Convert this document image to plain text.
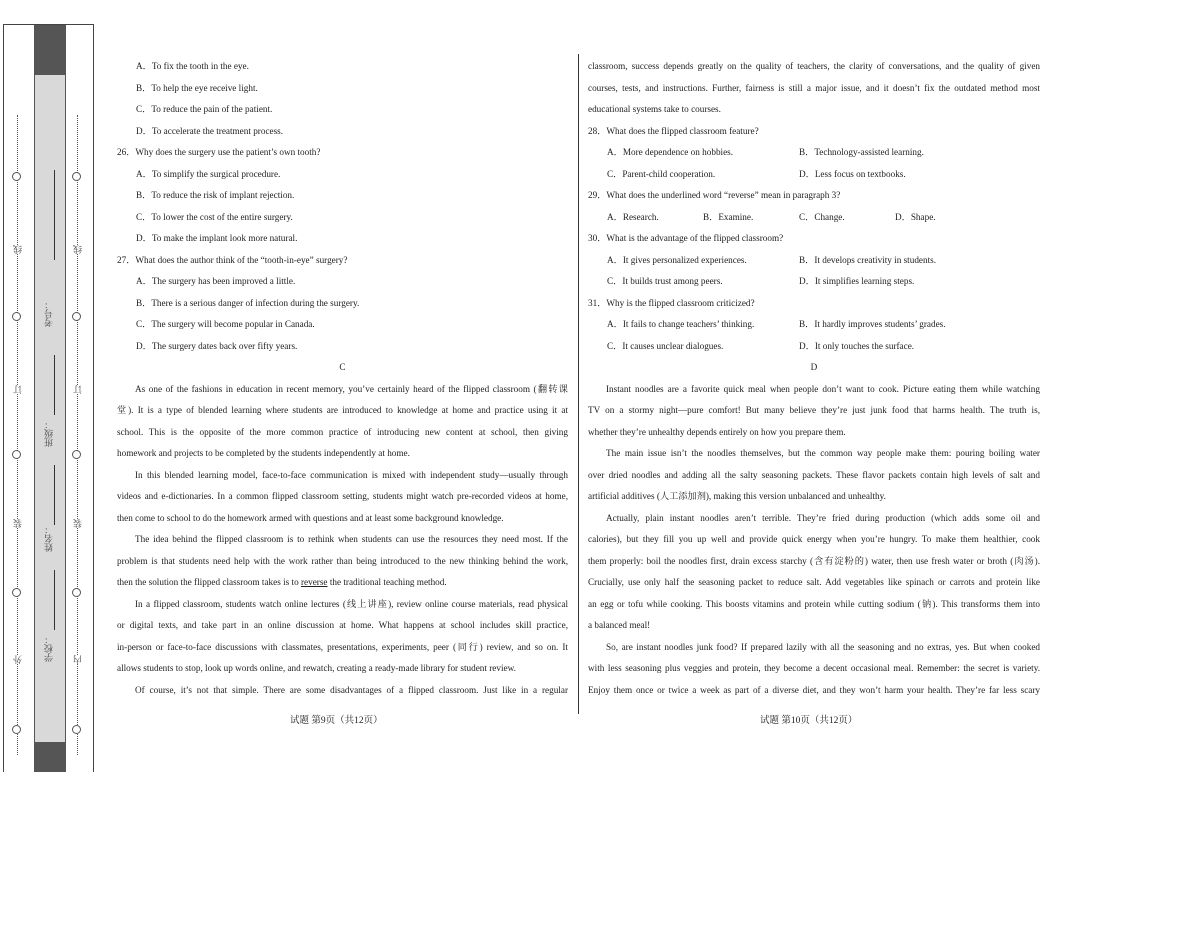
线
订
装
外
考号：
班级：
姓名：
学校：
线
订
装
内
A．To fix the tooth in the eye.
B．To help the eye receive light.
C．To reduce the pain of the patient.
D．To accelerate the treatment process.
26．Why does the surgery use the patient’s own tooth?
A．To simplify the surgical procedure.
B．To reduce the risk of implant rejection.
C．To lower the cost of the entire surgery.
D．To make the implant look more natural.
27．What does the author think of the “tooth-in-eye” surgery?
A．The surgery has been improved a little.
B．There is a serious danger of infection during the surgery.
C．The surgery will become popular in Canada.
D．The surgery dates back over fifty years.
C
As one of the fashions in education in recent memory, you’ve certainly heard of the flipped classroom (翻转课
堂). It is a type of blended learning where students are introduced to knowledge at home and practice using it at
school. This is the opposite of the more common practice of introducing new content at school, then giving
homework and projects to be completed by the students independently at home.
In this blended learning model, face-to-face communication is mixed with independent study—usually through
videos and e-dictionaries. In a common flipped classroom setting, students might watch pre-recorded videos at home,
then come to school to do the homework armed with questions and at least some background knowledge.
The idea behind the flipped classroom is to rethink when students can use the resources they need most. If the
problem is that students need help with the work rather than being introduced to the new thinking behind the work,
then the solution the flipped classroom takes is to reverse the traditional teaching method.
In a flipped classroom, students watch online lectures (线上讲座), review online course materials, read physical
or digital texts, and take part in an online discussion at home. What happens at school includes skill practice,
in-person or face-to-face discussions with classmates, presentations, experiments, peer (同行) review, and so on. It
allows students to stop, look up words online, and rewatch, creating a ready-made library for student review.
Of course, it’s not that simple. There are some disadvantages of a flipped classroom. Just like in a regular
classroom, success depends greatly on the quality of teachers, the clarity of conversations, and the quality of given
courses, tests, and instructions. Further, fairness is still a major issue, and it doesn’t fix the outdated method most
educational systems take to courses.
28．What does the flipped classroom feature?
A．More dependence on hobbies.	B．Technology-assisted learning.
C．Parent-child cooperation.	D．Less focus on textbooks.
29．What does the underlined word “reverse” mean in paragraph 3?
A．Research.	B．Examine.	C．Change.	D．Shape.
30．What is the advantage of the flipped classroom?
A．It gives personalized experiences.	B．It develops creativity in students.
C．It builds trust among peers.	D．It simplifies learning steps.
31．Why is the flipped classroom criticized?
A．It fails to change teachers’ thinking.	B．It hardly improves students’ grades.
C．It causes unclear dialogues.	D．It only touches the surface.
D
Instant noodles are a favorite quick meal when people don’t want to cook. Picture eating them while watching
TV on a stormy night—pure comfort! But many believe they’re just junk food that harms health. The truth is,
whether they’re unhealthy depends entirely on how you prepare them.
The main issue isn’t the noodles themselves, but the common way people make them: pouring boiling water
over dried noodles and adding all the salty seasoning packets. These flavor packets contain high levels of salt and
artificial additives (人工添加剂), making this version unbalanced and unhealthy.
Actually, plain instant noodles aren’t terrible. They’re fried during production (which adds some oil and
calories), but they fill you up well and provide quick energy when you’re hungry. To make them healthier, cook
them properly: boil the noodles first, drain excess starchy (含有淀粉的) water, then use fresh water or broth (肉汤).
Crucially, use only half the seasoning packet to reduce salt. Add vegetables like spinach or carrots and protein like
an egg or tofu while cooking. This boosts vitamins and protein while cutting sodium (钠). This transforms them into
a balanced meal!
So, are instant noodles junk food? If prepared lazily with all the seasoning and no extras, yes. But when cooked
with less seasoning plus veggies and protein, they become a decent occasional meal. Remember: the secret is variety.
Enjoy them once or twice a week as part of a diverse diet, and they won’t harm your health. They’re far less scary
试题 第9页（共12页）	试题 第10页（共12页）
